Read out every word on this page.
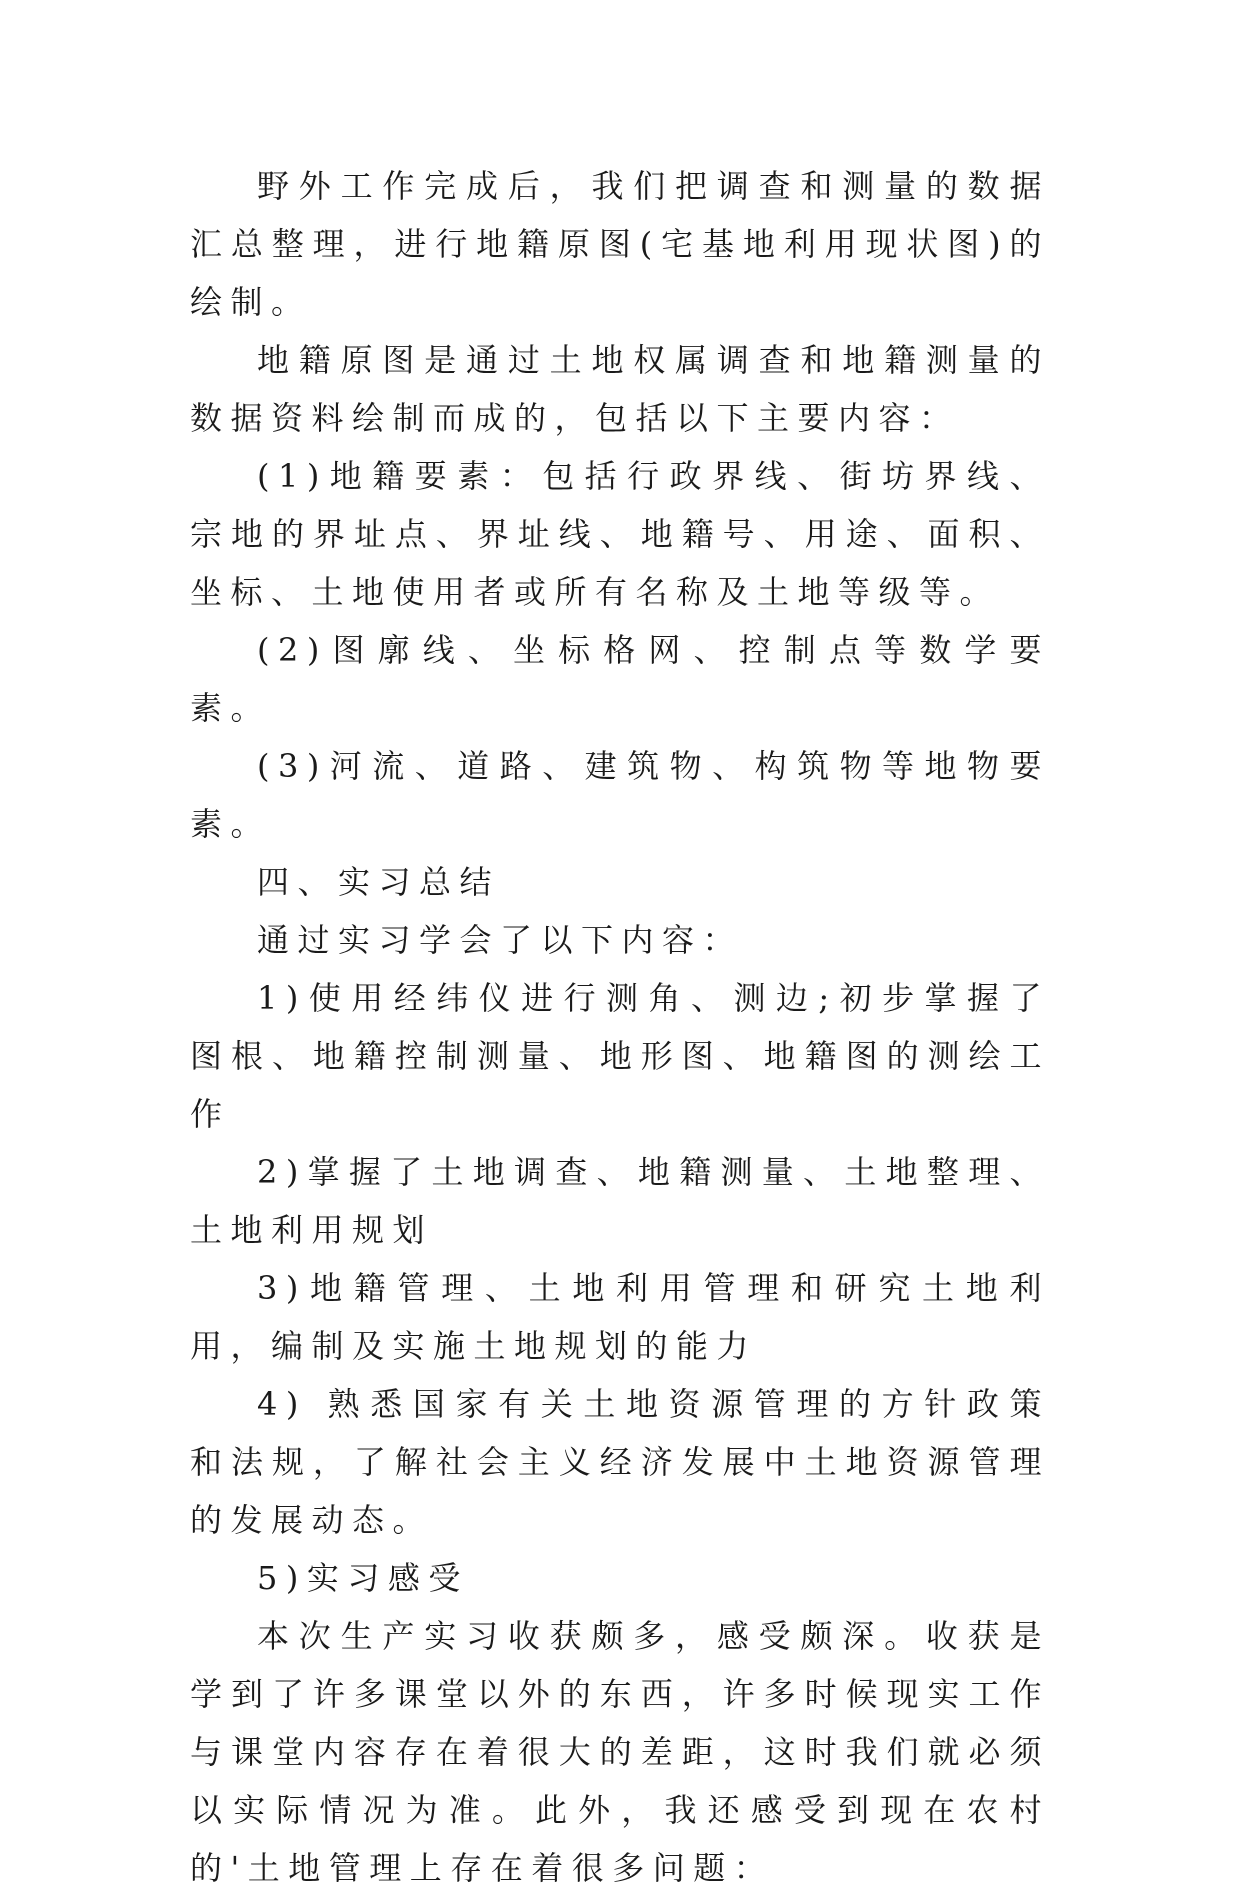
野外工作完成后，我们把调查和测量的数据汇总整理，进行地籍原图(宅基地利用现状图)的绘制。

地籍原图是通过土地权属调查和地籍测量的数据资料绘制而成的，包括以下主要内容：

(1)地籍要素：包括行政界线、街坊界线、宗地的界址点、界址线、地籍号、用途、面积、坐标、土地使用者或所有名称及土地等级等。

(2)图廓线、坐标格网、控制点等数学要素。

(3)河流、道路、建筑物、构筑物等地物要素。

四、实习总结

通过实习学会了以下内容：

1)使用经纬仪进行测角、测边;初步掌握了图根、地籍控制测量、地形图、地籍图的测绘工作

2)掌握了土地调查、地籍测量、土地整理、土地利用规划

3)地籍管理、土地利用管理和研究土地利用，编制及实施土地规划的能力

4) 熟悉国家有关土地资源管理的方针政策和法规，了解社会主义经济发展中土地资源管理的发展动态。

5)实习感受

本次生产实习收获颇多，感受颇深。收获是学到了许多课堂以外的东西，许多时候现实工作与课堂内容存在着很大的差距，这时我们就必须以实际情况为准。此外，我还感受到现在农村的'土地管理上存在着很多问题：
